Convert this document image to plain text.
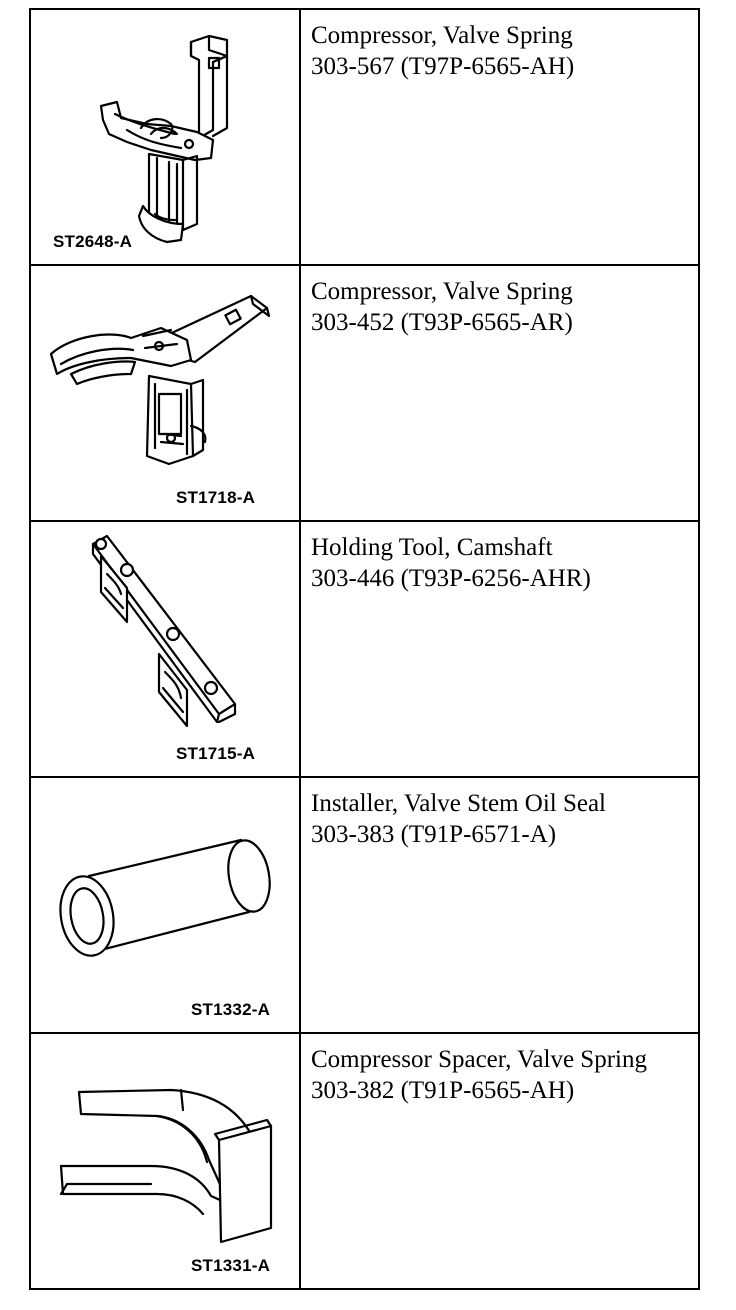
ST2648-A	Compressor, Valve Spring
303-567 (T97P-6565-AH)

ST1718-A	Compressor, Valve Spring
303-452 (T93P-6565-AR)

ST1715-A	Holding Tool, Camshaft
303-446 (T93P-6256-AHR)

ST1332-A	Installer, Valve Stem Oil Seal
303-383 (T91P-6571-A)

ST1331-A	Compressor Spacer, Valve Spring
303-382 (T91P-6565-AH)
